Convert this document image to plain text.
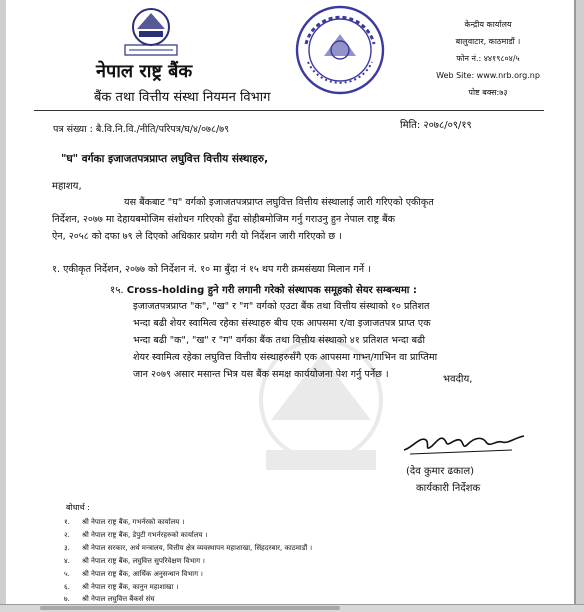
नेपाल राष्ट्र बैंक
बैंक तथा वित्तीय संस्था नियमन विभाग
केन्द्रीय कार्यालय
बालुवाटार, काठमाडौं ।
फोन नं.: ४४१९८०४/५
Web Site: www.nrb.org.np
पोष्ट बक्स:७३
पत्र संख्या : बै.वि.नि.वि./नीति/परिपत्र/घ/४/०७८/७९	मिति: २०७८/०९/१९
"घ" वर्गका इजाजतपत्रप्राप्त लघुवित्त वित्तीय संस्थाहरु,
महाशय,
यस बैंकबाट "घ" वर्गको इजाजतपत्रप्राप्त लघुवित्त वित्तीय संस्थालाई जारी गरिएको एकीकृत
निर्देशन, २०७७ मा देहायबमोजिम संशोधन गरिएको हुँदा सोहीबमोजिम गर्नु गराउनु हुन नेपाल राष्ट्र बैंक
ऐन, २०५८ को दफा ७९ ले दिएको अधिकार प्रयोग गरी यो निर्देशन जारी गरिएको छ ।
१. एकीकृत निर्देशन, २०७७ को निर्देशन नं. १० मा बुँदा नं १५ थप गरी क्रमसंख्या मिलान गर्ने ।
१५. Cross-holding हुने गरी लगानी गरेको संस्थापक समूहको सेयर सम्बन्धमा :
इजाजतपत्रप्राप्त "क", "ख" र "ग" वर्गको एउटा बैंक तथा वित्तीय संस्थाको १० प्रतिशत
भन्दा बढी शेयर स्वामित्व रहेका संस्थाहरु बीच एक आपसमा र/वा इजाजतपत्र प्राप्त एक
भन्दा बढी "क", "ख" र "ग" वर्गका बैंक तथा वित्तीय संस्थाको ४१ प्रतिशत भन्दा बढी
शेयर स्वामित्व रहेका लघुवित्त वित्तीय संस्थाहरुसँगै एक आपसमा गाभ्न/गाभिन वा प्राप्तिमा
जान २०७९ असार मसान्त भित्र यस बैंक समक्ष कार्ययोजना पेश गर्नु पर्नेछ ।	भवदीय,
(देव कुमार ढकाल)
कार्यकारी निर्देशक
बोधार्थ :
१. श्री नेपाल राष्ट्र बैंक, गभर्नरको कार्यालय ।
२. श्री नेपाल राष्ट्र बैंक, डेपुटी गभर्नरहरुको कार्यालय ।
३. श्री नेपाल सरकार, अर्थ मन्त्रालय, वित्तीय क्षेत्र व्यवस्थापन महाशाखा, सिंहदरबार, काठमाडौं ।
४. श्री नेपाल राष्ट्र बैंक, लघुवित्त सुपरिवेक्षण विभाग ।
५. श्री नेपाल राष्ट्र बैंक, आर्थिक अनुसन्धान विभाग ।
६. श्री नेपाल राष्ट्र बैंक, कानुन महाशाखा ।
७. श्री नेपाल लघुवित्त बैंकर्स संघ
